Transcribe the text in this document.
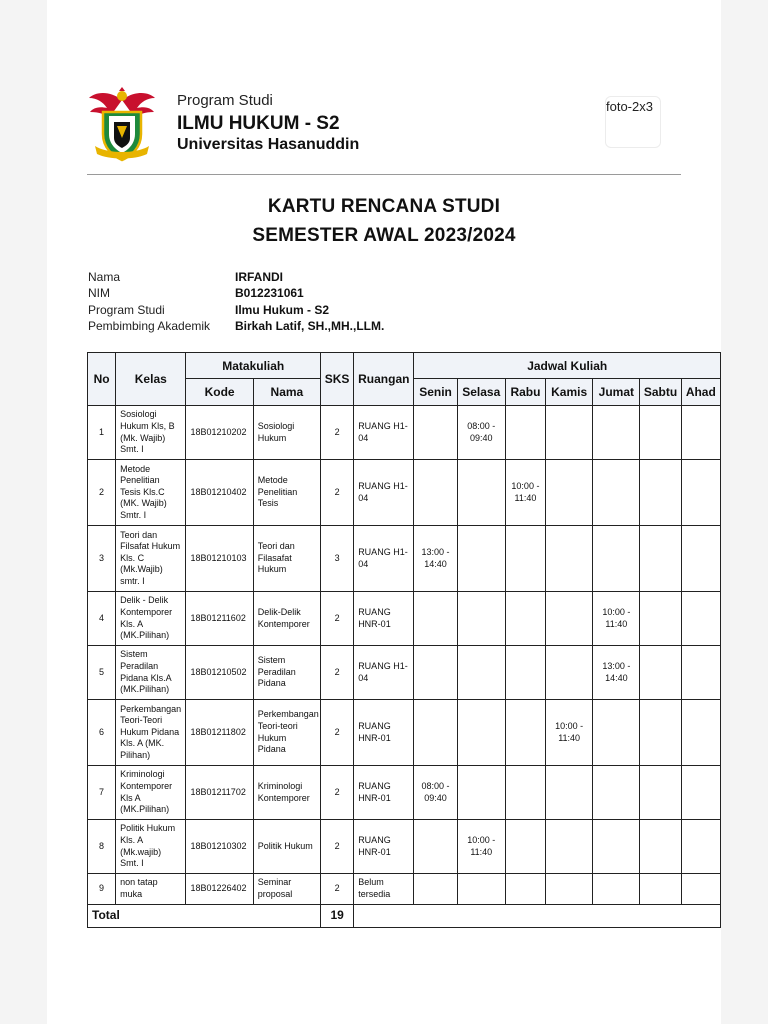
Program Studi
ILMU HUKUM - S2
Universitas Hasanuddin
foto-2x3
KARTU RENCANA STUDI
SEMESTER AWAL 2023/2024
Nama	IRFANDI
NIM	B012231061
Program Studi	Ilmu Hukum - S2
Pembimbing Akademik	Birkah Latif, SH.,MH.,LLM.
No	Kelas	Matakuliah		SKS	Ruangan	Jadwal Kuliah						
		Kode	Nama			Senin	Selasa	Rabu	Kamis	Jumat	Sabtu	Ahad
1	Sosiologi Hukum Kls, B (Mk. Wajib) Smt. I	18B01210202	Sosiologi Hukum	2	RUANG H1-04		08:00 - 09:40					
2	Metode Penelitian Tesis Kls.C (MK. Wajib) Smtr. I	18B01210402	Metode Penelitian Tesis	2	RUANG H1-04			10:00 - 11:40				
3	Teori dan Filsafat Hukum Kls. C (Mk.Wajib) smtr. I	18B01210103	Teori dan Filasafat Hukum	3	RUANG H1-04	13:00 - 14:40						
4	Delik - Delik Kontemporer Kls. A (MK.Pilihan)	18B01211602	Delik-Delik Kontemporer	2	RUANG HNR-01					10:00 - 11:40		
5	Sistem Peradilan Pidana Kls.A (MK.Pilihan)	18B01210502	Sistem Peradilan Pidana	2	RUANG H1-04					13:00 - 14:40		
6	Perkembangan Teori-Teori Hukum Pidana Kls. A (MK. Pilihan)	18B01211802	Perkembangan Teori-teori Hukum Pidana	2	RUANG HNR-01				10:00 - 11:40			
7	Kriminologi Kontemporer Kls A (MK.Pilihan)	18B01211702	Kriminologi Kontemporer	2	RUANG HNR-01	08:00 - 09:40						
8	Politik Hukum Kls. A (Mk.wajib) Smt. I	18B01210302	Politik Hukum	2	RUANG HNR-01		10:00 - 11:40					
9	non tatap muka	18B01226402	Seminar proposal	2	Belum tersedia							
Total				19								
